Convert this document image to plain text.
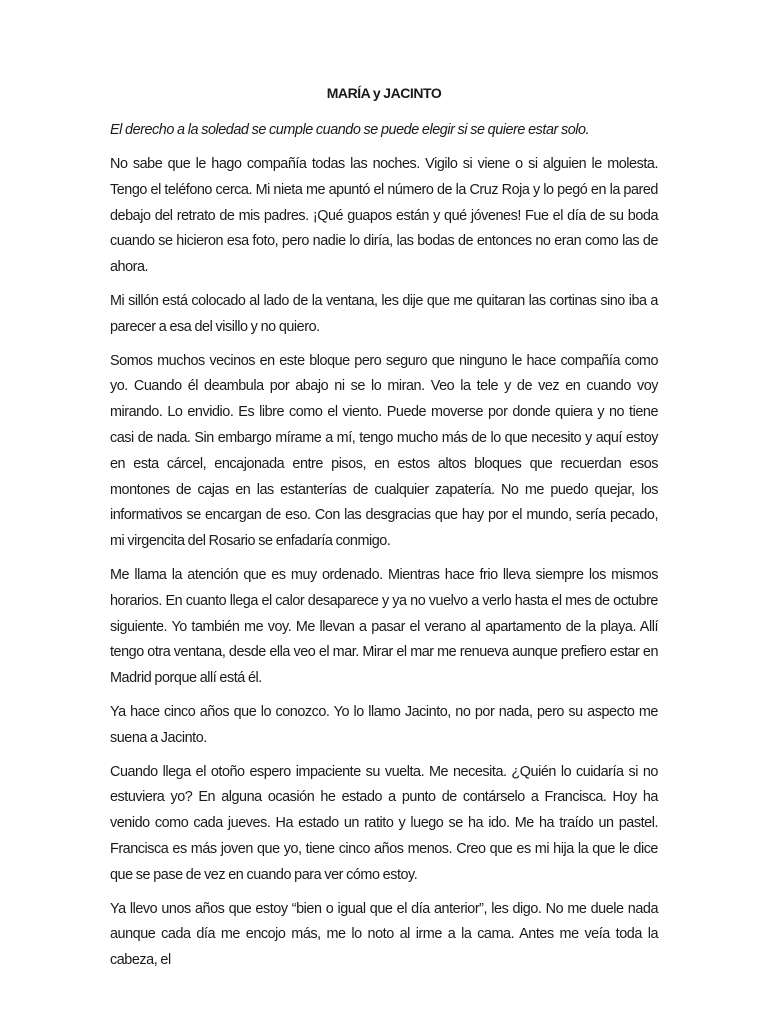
MARÍA y JACINTO
El derecho a la soledad se cumple cuando se puede elegir si se quiere estar solo.

No sabe que le hago compañía todas las noches. Vigilo si viene o si alguien le molesta. Tengo el teléfono cerca. Mi nieta me apuntó el número de la Cruz Roja y lo pegó en la pared debajo del retrato de mis padres. ¡Qué guapos están y qué jóvenes! Fue el día de su boda cuando se hicieron esa foto, pero nadie lo diría, las bodas de entonces no eran como las de ahora.

Mi sillón está colocado al lado de la ventana, les dije que me quitaran las cortinas sino iba a parecer a esa del visillo y no quiero.

Somos muchos vecinos en este bloque pero seguro que ninguno le hace compañía como yo. Cuando él deambula por abajo ni se lo miran. Veo la tele y de vez en cuando voy mirando. Lo envidio. Es libre como el viento. Puede moverse por donde quiera y no tiene casi de nada. Sin embargo mírame a mí, tengo mucho más de lo que necesito y aquí estoy en esta cárcel, encajonada entre pisos, en estos altos bloques que recuerdan esos montones de cajas en las estanterías de cualquier zapatería. No me puedo quejar, los informativos se encargan de eso. Con las desgracias que hay por el mundo, sería pecado, mi virgencita del Rosario se enfadaría conmigo.

Me llama la atención que es muy ordenado. Mientras hace frio lleva siempre los mismos horarios. En cuanto llega el calor desaparece y ya no vuelvo a verlo hasta el mes de octubre siguiente. Yo también me voy. Me llevan a pasar el verano al apartamento de la playa. Allí tengo otra ventana, desde ella veo el mar. Mirar el mar me renueva aunque prefiero estar en Madrid porque allí está él.

Ya hace cinco años que lo conozco. Yo lo llamo Jacinto, no por nada, pero su aspecto me suena a Jacinto.

Cuando llega el otoño espero impaciente su vuelta. Me necesita. ¿Quién lo cuidaría si no estuviera yo? En alguna ocasión he estado a punto de contárselo a Francisca. Hoy ha venido como cada jueves. Ha estado un ratito y luego se ha ido. Me ha traído un pastel. Francisca es más joven que yo, tiene cinco años menos. Creo que es mi hija la que le dice que se pase de vez en cuando para ver cómo estoy.

Ya llevo unos años que estoy “bien o igual que el día anterior”, les digo. No me duele nada aunque cada día me encojo más, me lo noto al irme a la cama. Antes me veía toda la cabeza, el
